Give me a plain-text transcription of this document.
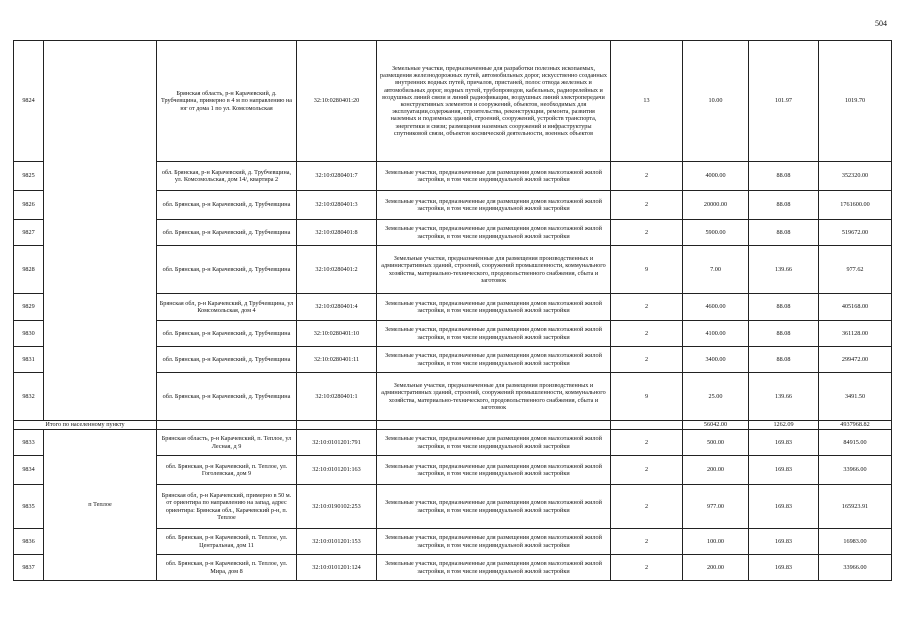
504
9824		Брянская область, р-н Карачевский, д. Трубчевщина, примерно в 4 м по направлению на юг от дома 1 по ул. Комсомольская	32:10:0280401:20	Земельные участки, предназначенные для разработки полезных ископаемых, размещения железнодорожных путей, автомобильных дорог, искусственно созданных внутренних водных путей, причалов, пристаней, полос отвода железных и автомобильных дорог, водных путей, трубопроводов, кабельных, радиорелейных и воздушных линий связи и линий радиофикации, воздушных линий электропередачи конструктивных элементов и сооружений, объектов, необходимых для эксплуатации,содержания, строительства, реконструкции, ремонта, развития наземных и подземных зданий, строений, сооружений, устройств транспорта, энергетики и связи; размещения наземных сооружений и инфраструктуры спутниковой связи, объектов космической деятельности, военных объектов	13	10.00	101.97	1019.70
9825		обл. Брянская, р-н Карачевский, д. Трубчевщина, ул. Комсомольская, дом 14/, квартира 2	32:10:0280401:7	Земельные участки, предназначенные для размещения домов малоэтажной жилой застройки, в том числе индивидуальной жилой застройки	2	4000.00	88.08	352320.00
9826		обл. Брянская, р-н Карачевский, д. Трубчевщина	32:10:0280401:3	Земельные участки, предназначенные для размещения домов малоэтажной жилой застройки, в том числе индивидуальной жилой застройки	2	20000.00	88.08	1761600.00
9827		обл. Брянская, р-н Карачевский, д. Трубчевщина	32:10:0280401:8	Земельные участки, предназначенные для размещения домов малоэтажной жилой застройки, в том числе индивидуальной жилой застройки	2	5900.00	88.08	519672.00
9828		обл. Брянская, р-н Карачевский, д. Трубчевщина	32:10:0280401:2	Земельные участки, предназначенные для размещения производственных и административных зданий, строений, сооружений промышленности, коммунального хозяйства, материально-технического, продовольственного снабжения, сбыта и заготовок	9	7.00	139.66	977.62
9829		Брянская обл, р-н Карачевский, д Трубчевщина, ул Комсомольская, дом 4	32:10:0280401:4	Земельные участки, предназначенные для размещения домов малоэтажной жилой застройки, в том числе индивидуальной жилой застройки	2	4600.00	88.08	405168.00
9830		обл. Брянская, р-н Карачевский, д. Трубчевщина	32:10:0280401:10	Земельные участки, предназначенные для размещения домов малоэтажной жилой застройки, в том числе индивидуальной жилой застройки	2	4100.00	88.08	361128.00
9831		обл. Брянская, р-н Карачевский, д. Трубчевщина	32:10:0280401:11	Земельные участки, предназначенные для размещения домов малоэтажной жилой застройки, в том числе индивидуальной жилой застройки	2	3400.00	88.08	299472.00
9832		обл. Брянская, р-н Карачевский, д. Трубчевщина	32:10:0280401:1	Земельные участки, предназначенные для размещения производственных и административных зданий, строений, сооружений промышленности, коммунального хозяйства, материально-технического, продовольственного снабжения, сбыта и заготовок	9	25.00	139.66	3491.50
Итого по населенному пункту						56042.00	1262.09	4937968.82
9833	п Теплое	Брянская область, р-н Карачевский, п. Теплое, ул Лесная, д 9	32:10:0101201:791	Земельные участки, предназначенные для размещения домов малоэтажной жилой застройки, в том числе индивидуальной жилой застройки	2	500.00	169.83	84915.00
9834		обл. Брянская, р-н Карачевский, п. Теплое, ул. Гоголевская, дом 9	32:10:0101201:163	Земельные участки, предназначенные для размещения домов малоэтажной жилой застройки, в том числе индивидуальной жилой застройки	2	200.00	169.83	33966.00
9835		Брянская обл, р-н Карачевский, примерно в 50 м. от ориентира по направлению на запад, адрес ориентира: Брянская обл., Карачевский р-н, п. Теплое	32:10:0190102:253	Земельные участки, предназначенные для размещения домов малоэтажной жилой застройки, в том числе индивидуальной жилой застройки	2	977.00	169.83	165923.91
9836		обл. Брянская, р-н Карачевский, п. Теплое, ул. Центральная, дом 11	32:10:0101201:153	Земельные участки, предназначенные для размещения домов малоэтажной жилой застройки, в том числе индивидуальной жилой застройки	2	100.00	169.83	16983.00
9837		обл. Брянская, р-н Карачевский, п. Теплое, ул. Мира, дом 8	32:10:0101201:124	Земельные участки, предназначенные для размещения домов малоэтажной жилой застройки, в том числе индивидуальной жилой застройки	2	200.00	169.83	33966.00
